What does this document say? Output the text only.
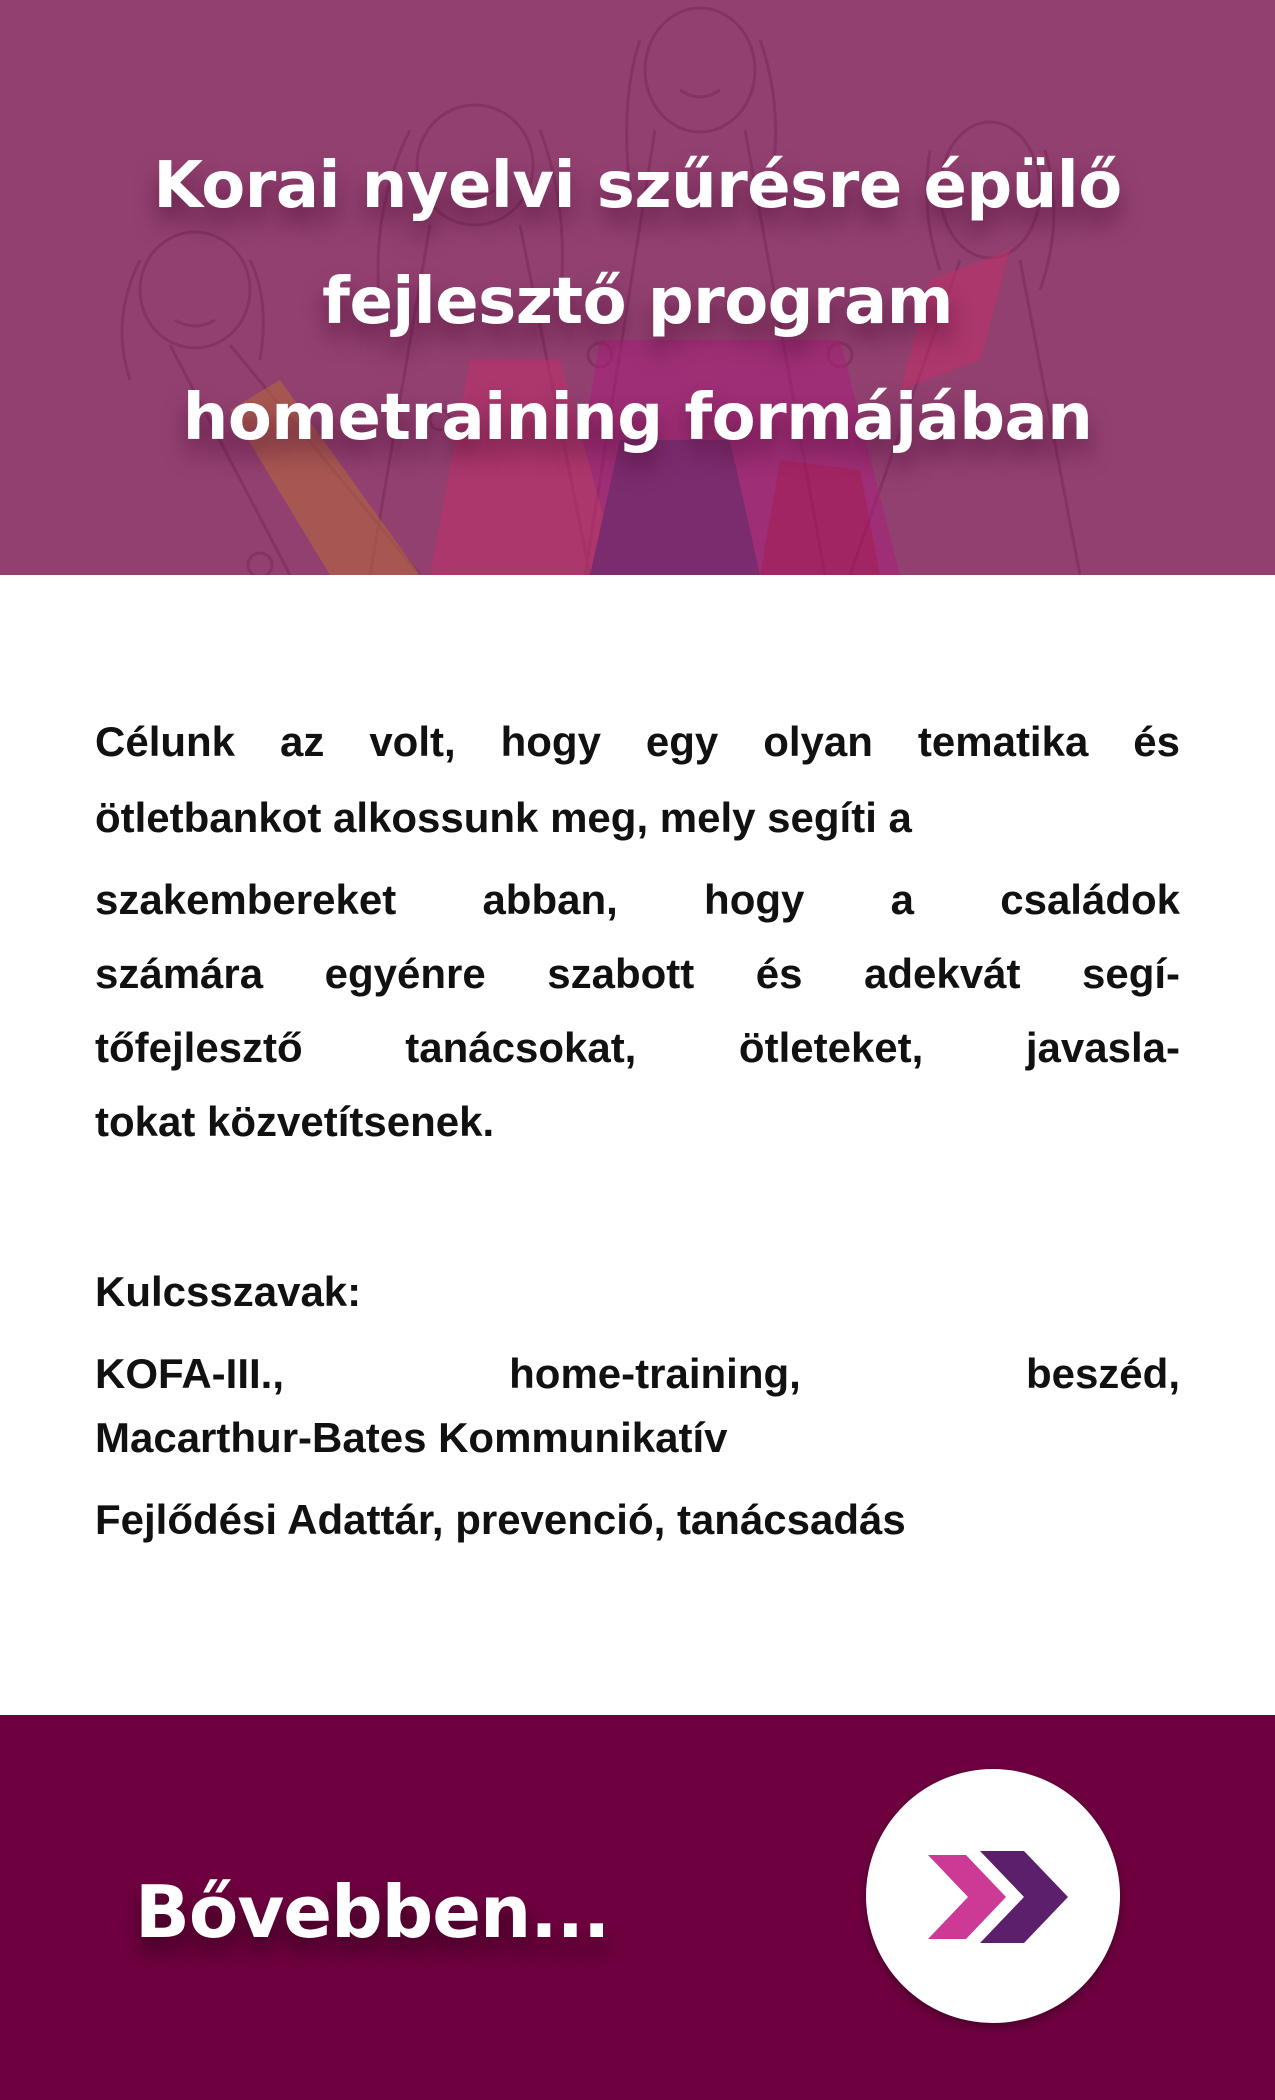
Korai nyelvi szűrésre épülő
fejlesztő program
hometraining formájában
Célunk az volt, hogy egy olyan tematika és
ötletbankot alkossunk meg, mely segíti a
szakembereket abban, hogy a családok
számára egyénre szabott és adekvát segí-
tőfejlesztő tanácsokat, ötleteket, javasla-
tokat közvetítsenek.
Kulcsszavak:
KOFA-III., home-training, beszéd,
Macarthur-Bates Kommunikatív
Fejlődési Adattár, prevenció, tanácsadás
Bővebben...
